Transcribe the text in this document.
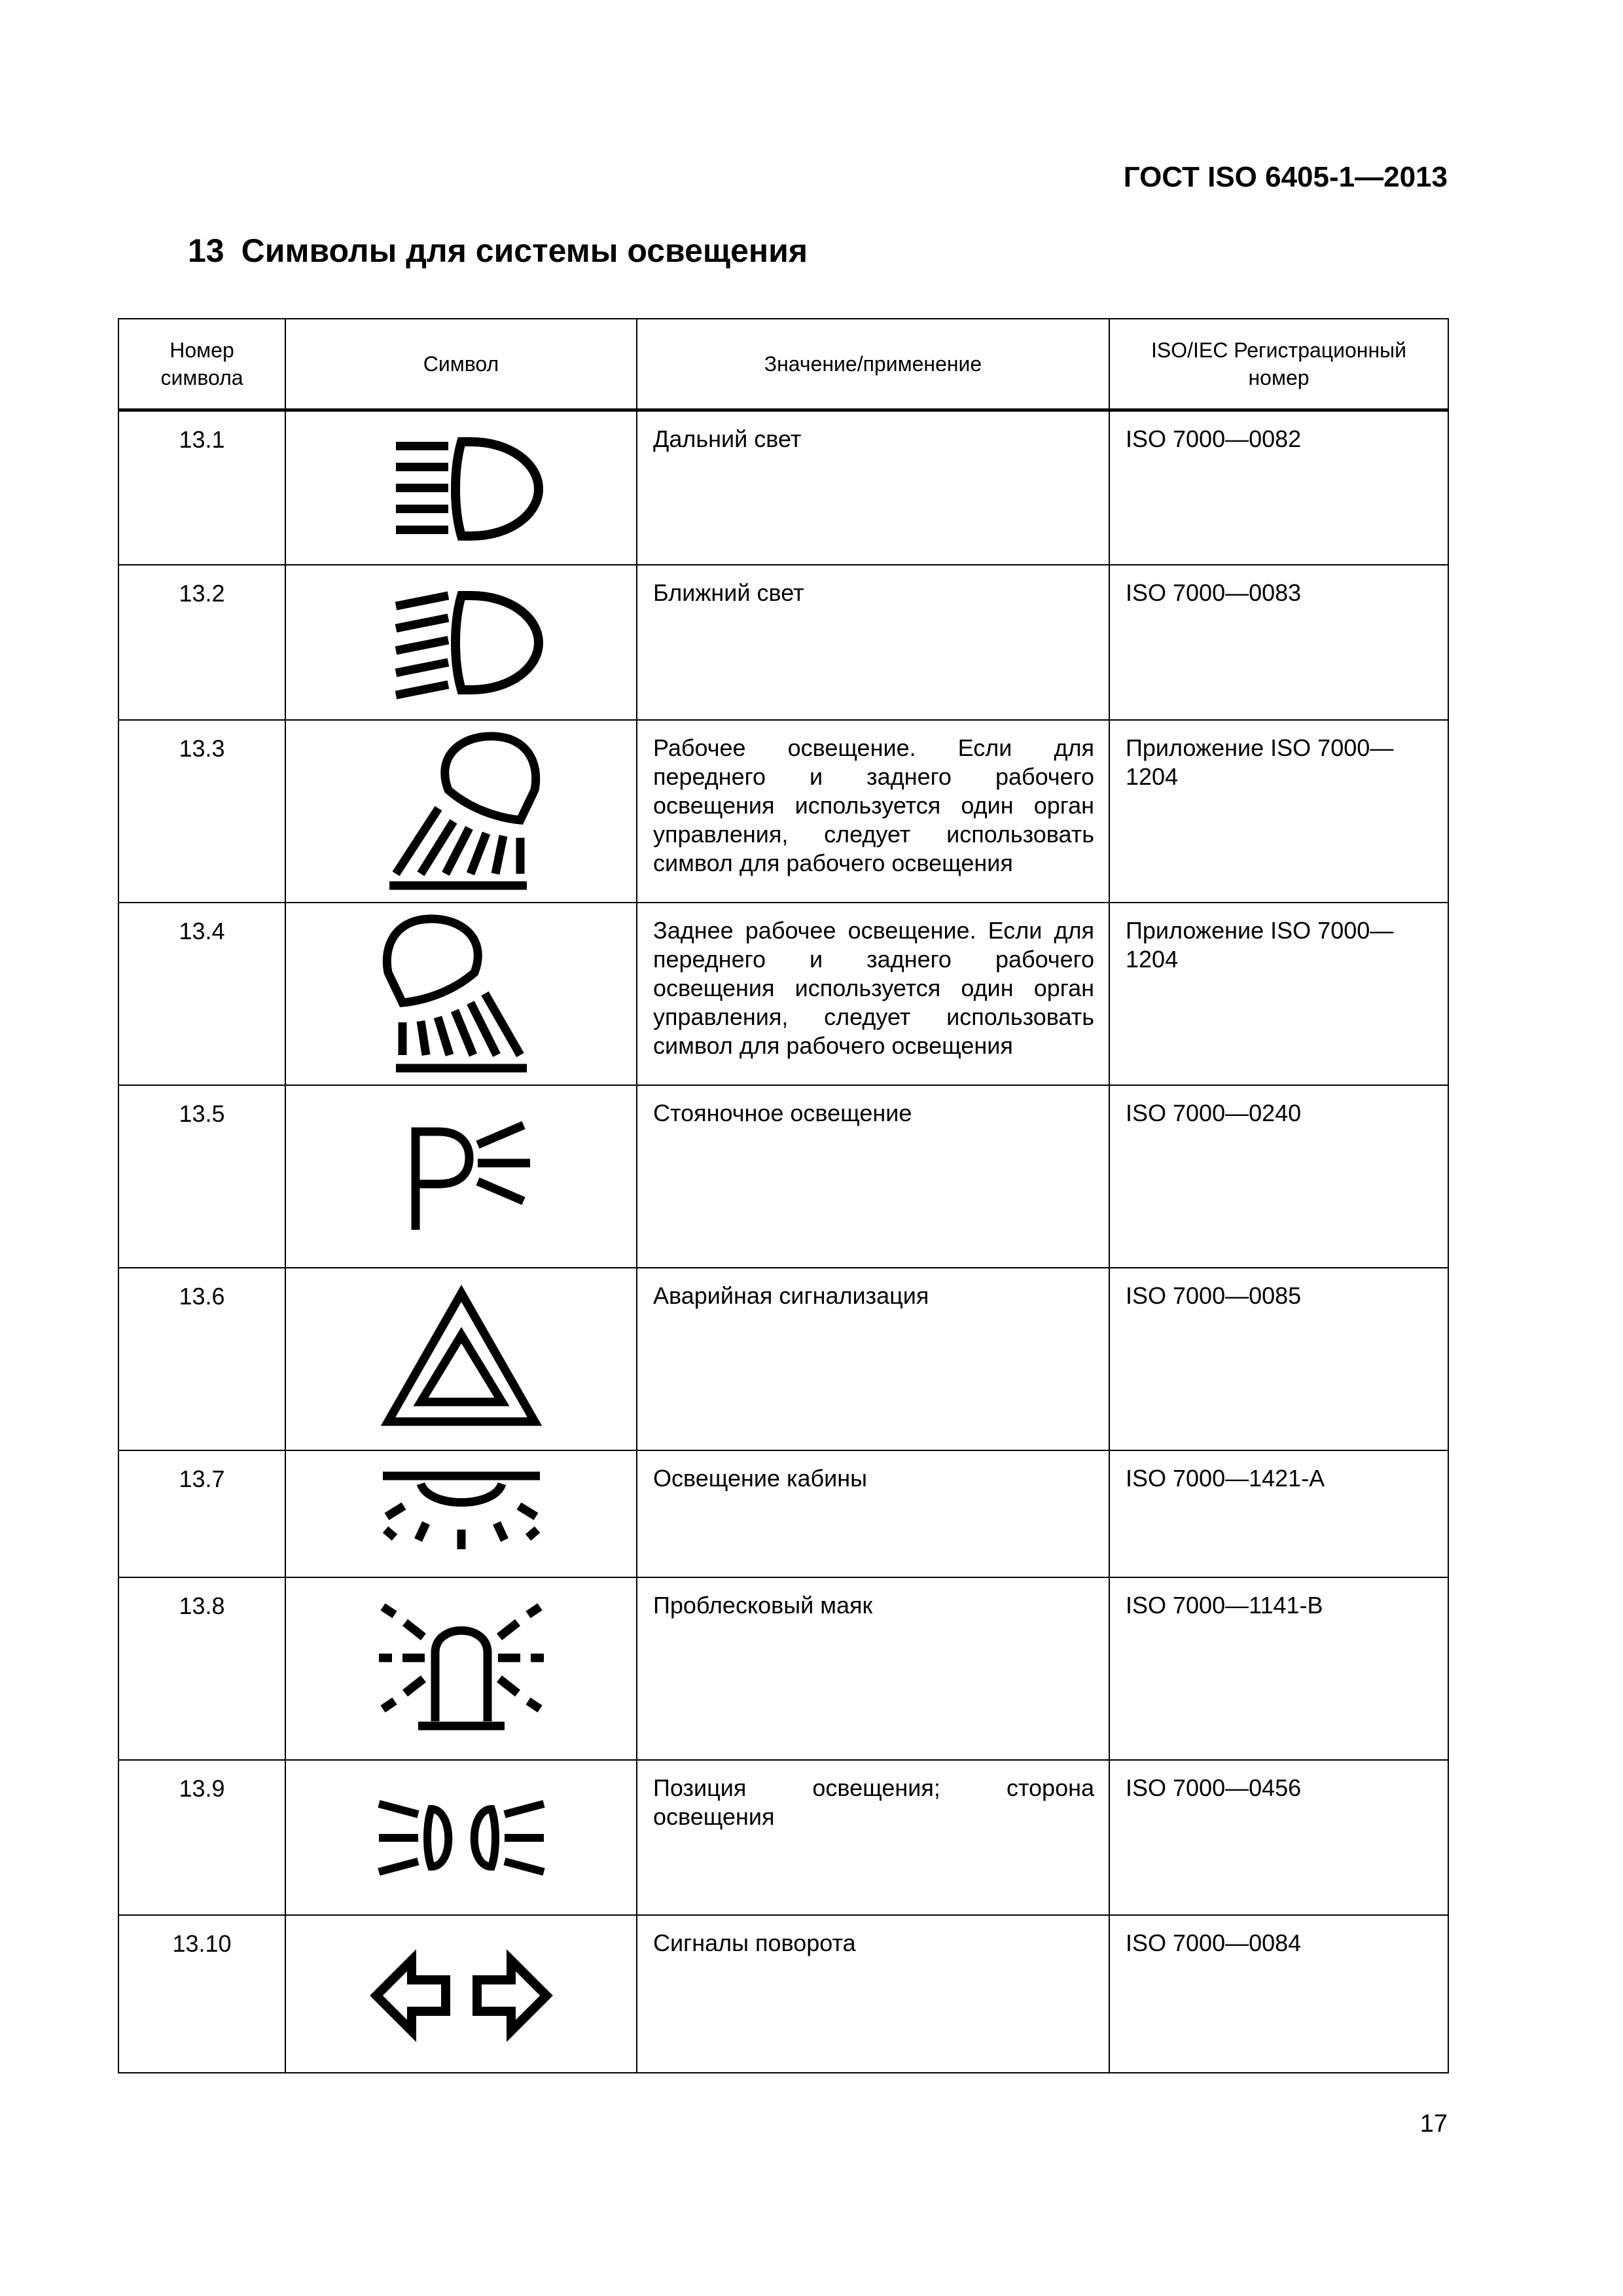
ГОСТ ISO 6405-1—2013
13 Символы для системы освещения
Номер символа	Символ	Значение/применение	ISO/IEC Регистрационный номер
13.1		Дальний свет	ISO 7000—0082
13.2		Ближний свет	ISO 7000—0083
13.3		Рабочее освещение. Если для переднего и заднего рабочего освещения используется один орган управления, следует использовать символ для рабочего освещения	Приложение ISO 7000—1204
13.4		Заднее рабочее освещение. Если для переднего и заднего рабочего освещения используется один орган управления, следует использовать символ для рабочего освещения	Приложение ISO 7000—1204
13.5		Стояночное освещение	ISO 7000—0240
13.6		Аварийная сигнализация	ISO 7000—0085
13.7		Освещение кабины	ISO 7000—1421-A
13.8		Проблесковый маяк	ISO 7000—1141-B
13.9		Позиция освещения; сторона освещения	ISO 7000—0456
13.10		Сигналы поворота	ISO 7000—0084
17
